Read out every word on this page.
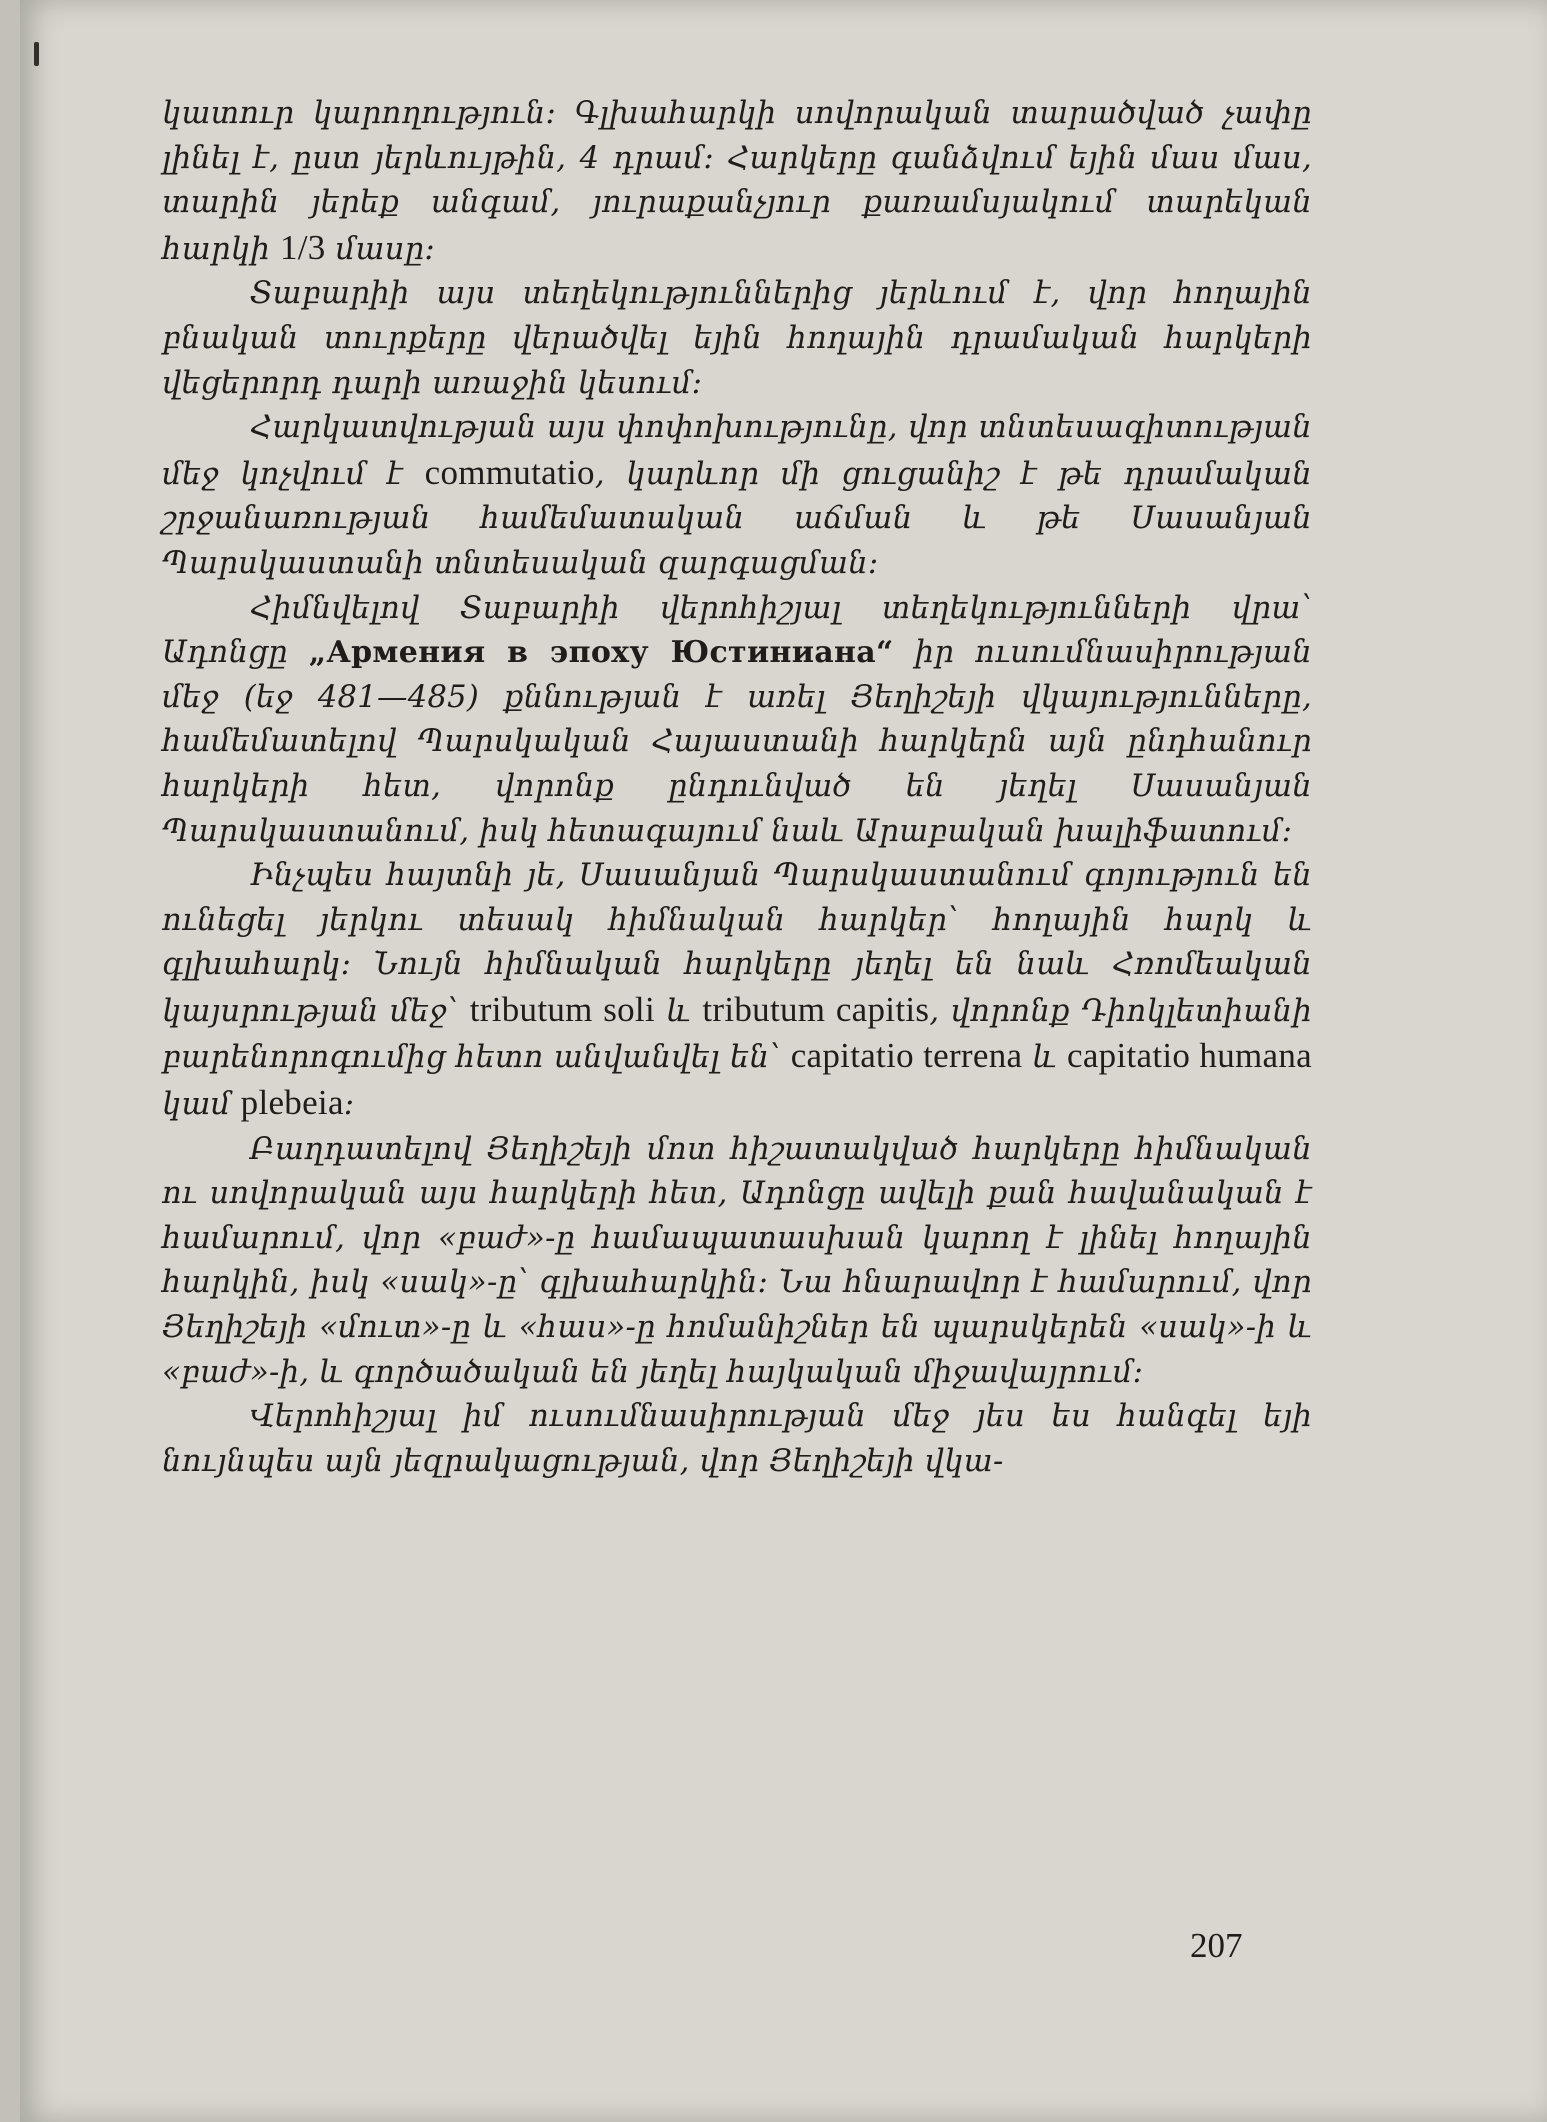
կատուր կարողություն: Գլխահարկի սովորական տարածված չափը լինել է, ըստ յերևույթին, 4 դրամ: Հարկերը գանձվում եյին մաս մաս, տարին յերեք անգամ, յուրաքանչյուր քառամսյակում տարեկան հարկի 1/3 մասը:

Տաբարիի այս տեղեկություններից յերևում է, վոր հողային բնական տուրքերը վերածվել եյին հողային դրամական հարկերի վեցերորդ դարի առաջին կեսում:

Հարկատվության այս փոփոխությունը, վոր տնտեսագիտության մեջ կոչվում է commutatio, կարևոր մի ցուցանիշ է թե դրամական շրջանառության համեմատական աճման և թե Սասանյան Պարսկաստանի տնտեսական զարգացման:

Հիմնվելով Տաբարիի վերոհիշյալ տեղեկությունների վրա՝ Ադոնցը „Армения в эпоху Юстиниана“ իր ուսումնասիրության մեջ (եջ 481—485) քննության է առել Յեղիշեյի վկայությունները, համեմատելով Պարսկական Հայաստանի հարկերն այն ընդհանուր հարկերի հետ, վորոնք ընդունված են յեղել Սասանյան Պարսկաստանում, իսկ հետագայում նաև Արաբական խալիֆատում:

Ինչպես հայտնի յե, Սասանյան Պարսկաստանում գոյություն են ունեցել յերկու տեսակ հիմնական հարկեր՝ հողային հարկ և գլխահարկ: Նույն հիմնական հարկերը յեղել են նաև Հռոմեական կայսրության մեջ՝ tributum soli և tributum capitis, վորոնք Դիոկլետիանի բարենորոգումից հետո անվանվել են՝ capitatio terrena և capitatio humana կամ plebeia:

Բաղդատելով Յեղիշեյի մոտ հիշատակված հարկերը հիմնական ու սովորական այս հարկերի հետ, Ադոնցը ավելի քան հավանական է համարում, վոր «բաժ»-ը համապատասխան կարող է լինել հողային հարկին, իսկ «սակ»-ը՝ գլխահարկին: Նա հնարավոր է համարում, վոր Յեղիշեյի «մուտ»-ը և «հաս»-ը հոմանիշներ են պարսկերեն «սակ»-ի և «բաժ»-ի, և գործածական են յեղել հայկական միջավայրում:

Վերոհիշյալ իմ ուսումնասիրության մեջ յես ես հանգել եյի նույնպես այն յեզրակացության, վոր Յեղիշեյի վկա-

207
